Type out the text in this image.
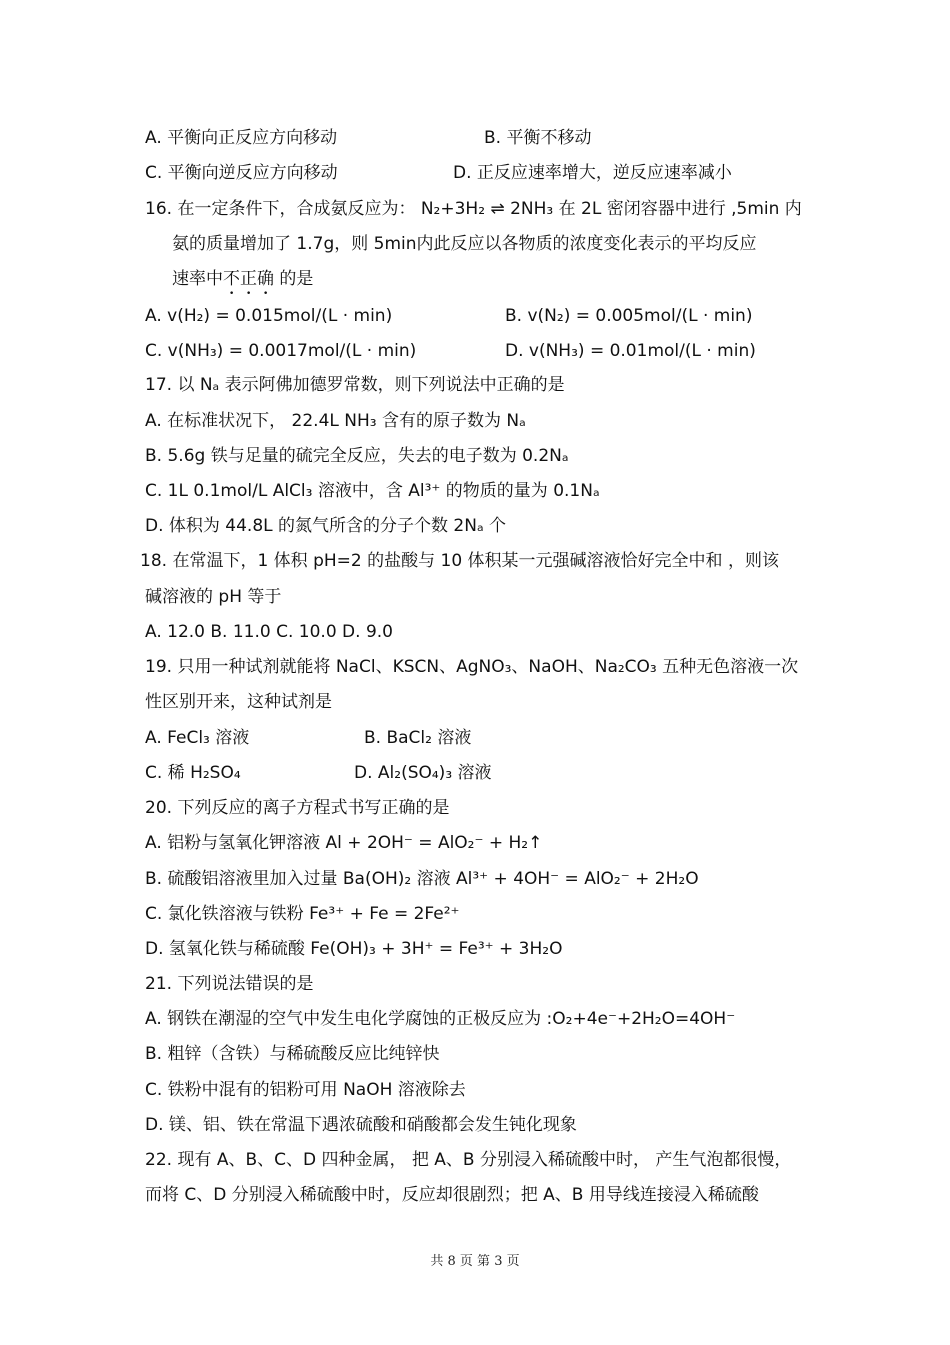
A. 平衡向正反应方向移动	B. 平衡不移动
C. 平衡向逆反应方向移动	D. 正反应速率增大，逆反应速率减小
16. 在一定条件下，合成氨反应为： N₂+3H₂ ⇌ 2NH₃ 在 2L 密闭容器中进行 ,5min 内
氨的质量增加了 1.7g，则 5min内此反应以各物质的浓度变化表示的平均反应
速率中不正确 的是
A. v(H₂) = 0.015mol/(L · min)	B. v(N₂) = 0.005mol/(L · min)
C. v(NH₃) = 0.0017mol/(L · min)	D. v(NH₃) = 0.01mol/(L · min)
17. 以 Nₐ 表示阿佛加德罗常数，则下列说法中正确的是
A. 在标准状况下， 22.4L NH₃ 含有的原子数为 Nₐ
B. 5.6g 铁与足量的硫完全反应，失去的电子数为 0.2Nₐ
C. 1L 0.1mol/L AlCl₃ 溶液中，含 Al³⁺ 的物质的量为 0.1Nₐ
D. 体积为 44.8L 的氮气所含的分子个数 2Nₐ 个
18. 在常温下，1 体积 pH=2 的盐酸与 10 体积某一元强碱溶液恰好完全中和 ，则该
碱溶液的 pH 等于
A. 12.0 B. 11.0 C. 10.0 D. 9.0
19. 只用一种试剂就能将 NaCl、KSCN、AgNO₃、NaOH、Na₂CO₃ 五种无色溶液一次
性区别开来，这种试剂是
A. FeCl₃ 溶液	B. BaCl₂ 溶液
C. 稀 H₂SO₄	D. Al₂(SO₄)₃ 溶液
20. 下列反应的离子方程式书写正确的是
A. 铝粉与氢氧化钾溶液 Al + 2OH⁻ = AlO₂⁻ + H₂↑
B. 硫酸铝溶液里加入过量 Ba(OH)₂ 溶液 Al³⁺ + 4OH⁻ = AlO₂⁻ + 2H₂O
C. 氯化铁溶液与铁粉 Fe³⁺ + Fe = 2Fe²⁺
D. 氢氧化铁与稀硫酸 Fe(OH)₃ + 3H⁺ = Fe³⁺ + 3H₂O
21. 下列说法错误的是
A. 钢铁在潮湿的空气中发生电化学腐蚀的正极反应为 :O₂+4e⁻+2H₂O=4OH⁻
B. 粗锌（含铁）与稀硫酸反应比纯锌快
C. 铁粉中混有的铝粉可用 NaOH 溶液除去
D. 镁、铝、铁在常温下遇浓硫酸和硝酸都会发生钝化现象
22. 现有 A、B、C、D 四种金属， 把 A、B 分别浸入稀硫酸中时， 产生气泡都很慢，
而将 C、D 分别浸入稀硫酸中时，反应却很剧烈；把 A、B 用导线连接浸入稀硫酸
共 8 页 第 3 页
